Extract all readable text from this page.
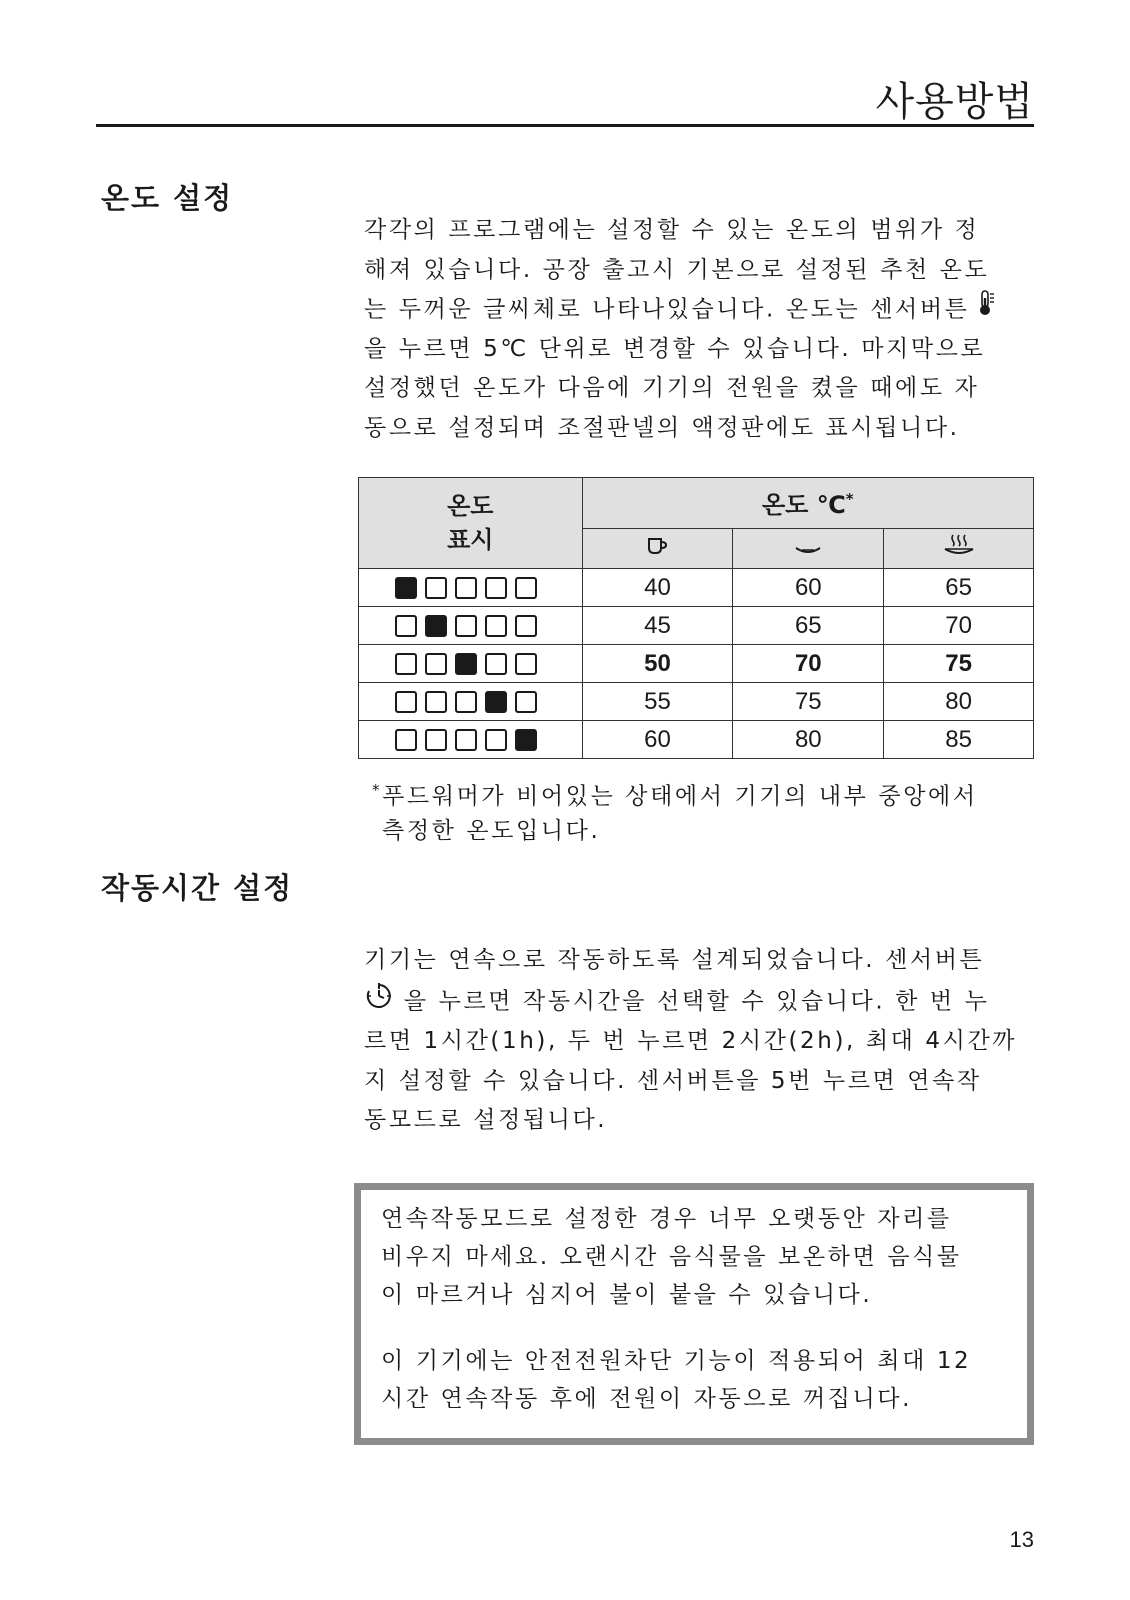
사용방법
온도 설정
각각의 프로그램에는 설정할 수 있는 온도의 범위가 정
해져 있습니다. 공장 출고시 기본으로 설정된 추천 온도
는 두꺼운 글씨체로 나타나있습니다. 온도는 센서버튼
을 누르면 5℃ 단위로 변경할 수 있습니다. 마지막으로
설정했던 온도가 다음에 기기의 전원을 켰을 때에도 자
동으로 설정되며 조절판넬의 액정판에도 표시됩니다.
온도
표시	온도 ℃*

	40	60	65
	45	65	70
	50	70	75
	55	75	80
	60	80	85
*푸드워머가 비어있는 상태에서 기기의 내부 중앙에서
측정한 온도입니다.
작동시간 설정
기기는 연속으로 작동하도록 설계되었습니다. 센서버튼
을 누르면 작동시간을 선택할 수 있습니다. 한 번 누
르면 1시간(1h), 두 번 누르면 2시간(2h), 최대 4시간까
지 설정할 수 있습니다. 센서버튼을 5번 누르면 연속작
동모드로 설정됩니다.
연속작동모드로 설정한 경우 너무 오랫동안 자리를
비우지 마세요. 오랜시간 음식물을 보온하면 음식물
이 마르거나 심지어 불이 붙을 수 있습니다.
이 기기에는 안전전원차단 기능이 적용되어 최대 12
시간 연속작동 후에 전원이 자동으로 꺼집니다.
13
